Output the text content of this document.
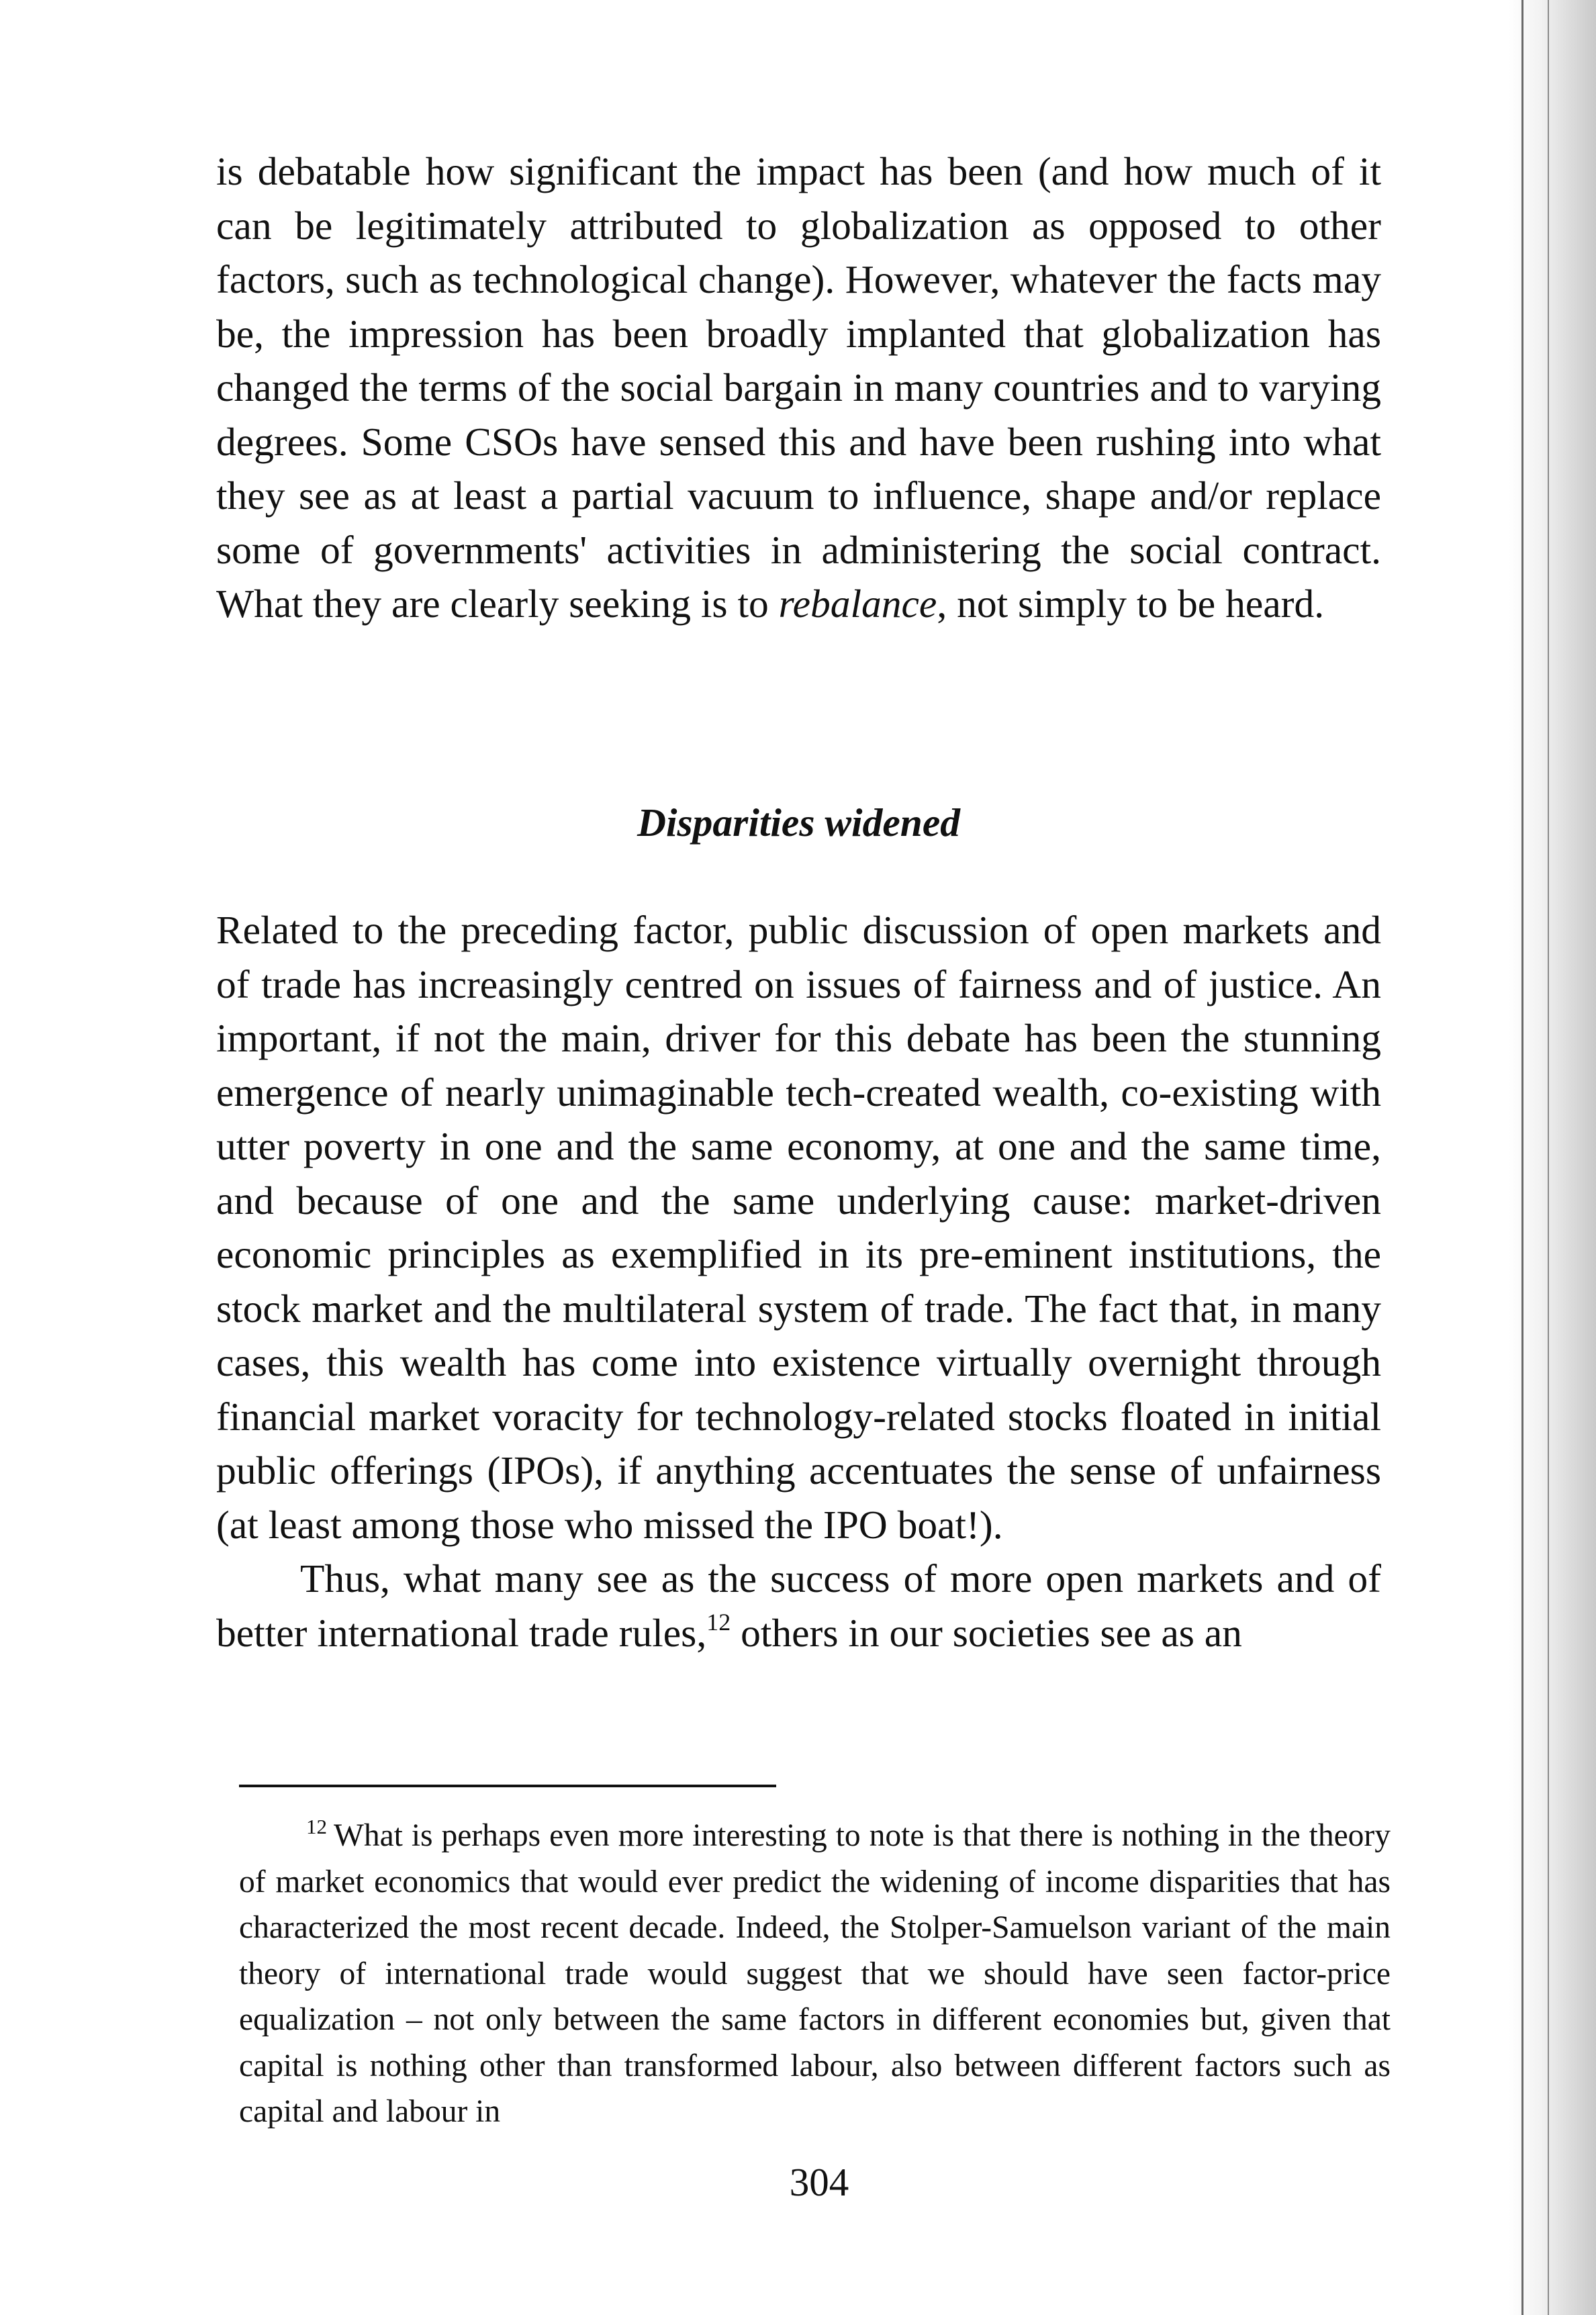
is debatable how significant the impact has been (and how much of it can be legitimately attributed to globalization as opposed to other factors, such as technological change). However, whatever the facts may be, the impression has been broadly implanted that globalization has changed the terms of the social bargain in many countries and to varying degrees. Some CSOs have sensed this and have been rushing into what they see as at least a partial vacuum to influence, shape and/or replace some of governments' activities in administering the social contract. What they are clearly seeking is to rebalance, not simply to be heard.

Disparities widened

Related to the preceding factor, public discussion of open markets and of trade has increasingly centred on issues of fairness and of justice. An important, if not the main, driver for this debate has been the stunning emergence of nearly unimaginable tech-created wealth, co-existing with utter poverty in one and the same economy, at one and the same time, and because of one and the same underlying cause: market-driven economic principles as exemplified in its pre-eminent institutions, the stock market and the multilateral system of trade. The fact that, in many cases, this wealth has come into existence virtually overnight through financial market voracity for technology-related stocks floated in initial public offerings (IPOs), if anything accentuates the sense of unfairness (at least among those who missed the IPO boat!).

Thus, what many see as the success of more open markets and of better international trade rules,$^{12}$ others in our societies see as an

$^{12}$ What is perhaps even more interesting to note is that there is nothing in the theory of market economics that would ever predict the widening of income disparities that has characterized the most recent decade. Indeed, the Stolper-Samuelson variant of the main theory of international trade would suggest that we should have seen factor-price equalization – not only between the same factors in different economies but, given that capital is nothing other than transformed labour, also between different factors such as capital and labour in

304
